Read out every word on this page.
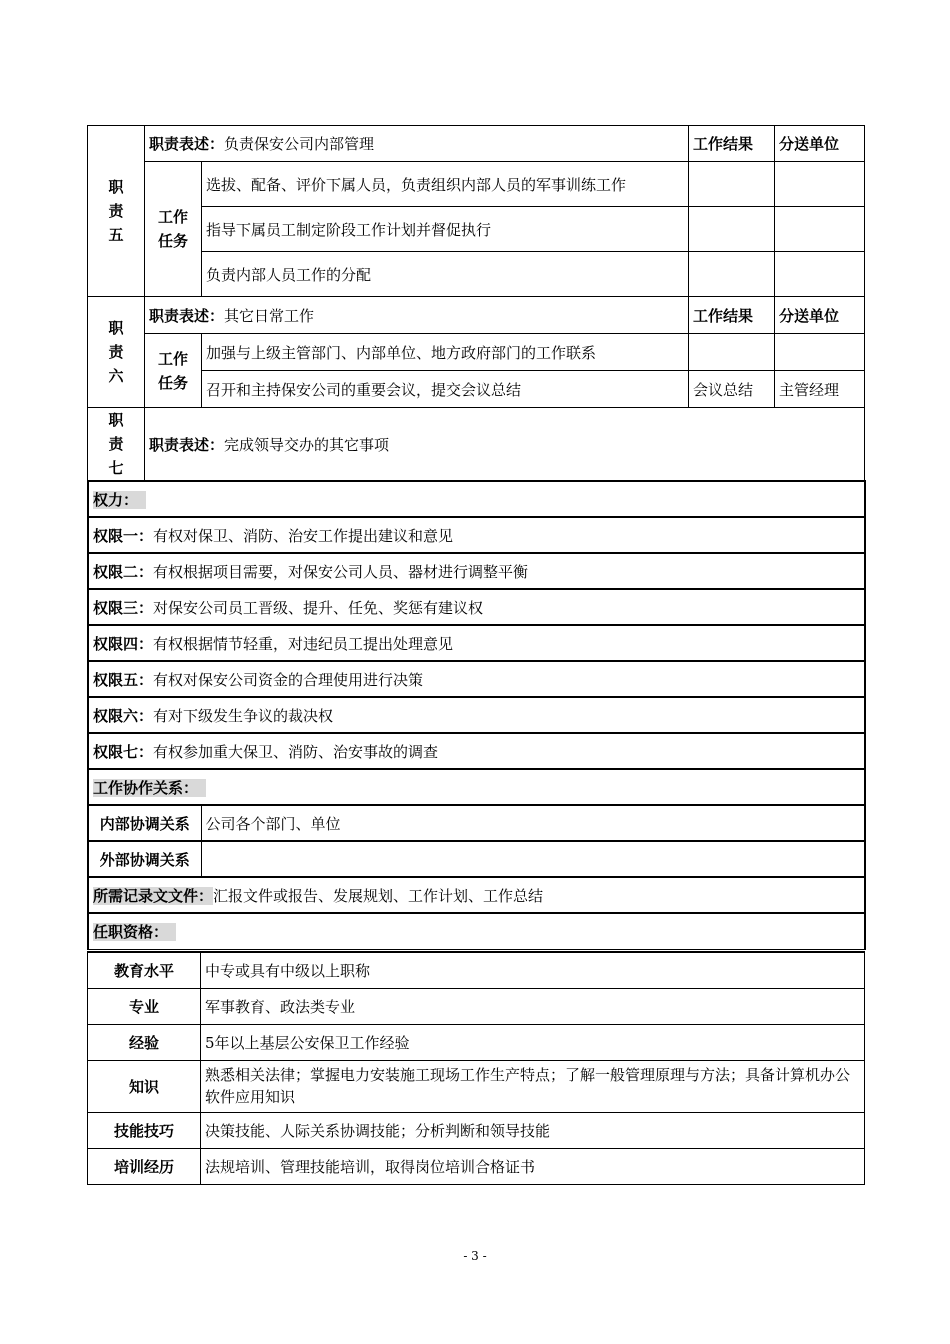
职 责 五	职责表述：负责保安公司内部管理		工作结果	分送单位

	工作 任务	选拔、配备、评价下属人员，负责组织内部人员的军事训练工作		
		指导下属员工制定阶段工作计划并督促执行		
		负责内部人员工作的分配		

职 责 六	职责表述：其它日常工作		工作结果	分送单位

	工作 任务	加强与上级主管部门、内部单位、地方政府部门的工作联系		
		召开和主持保安公司的重要会议，提交会议总结	会议总结	主管经理

职 责 七	职责表述：完成领导交办的其它事项			
权力：	
权限一：有权对保卫、消防、治安工作提出建议和意见	
权限二：有权根据项目需要，对保安公司人员、器材进行调整平衡	
权限三：对保安公司员工晋级、提升、任免、奖惩有建议权	
权限四：有权根据情节轻重，对违纪员工提出处理意见	
权限五：有权对保安公司资金的合理使用进行决策	
权限六：有对下级发生争议的裁决权	
权限七：有权参加重大保卫、消防、治安事故的调查	
工作协作关系：	
内部协调关系	公司各个部门、单位
外部协调关系	
所需记录文文件：汇报文件或报告、发展规划、工作计划、工作总结	
任职资格：	
教育水平	中专或具有中级以上职称
专业	军事教育、政法类专业
经验	5年以上基层公安保卫工作经验
知识	熟悉相关法律；掌握电力安装施工现场工作生产特点；了解一般管理原理与方法；具备计算机办公软件应用知识
技能技巧	决策技能、人际关系协调技能；分析判断和领导技能
培训经历	法规培训、管理技能培训，取得岗位培训合格证书
- 3 -
